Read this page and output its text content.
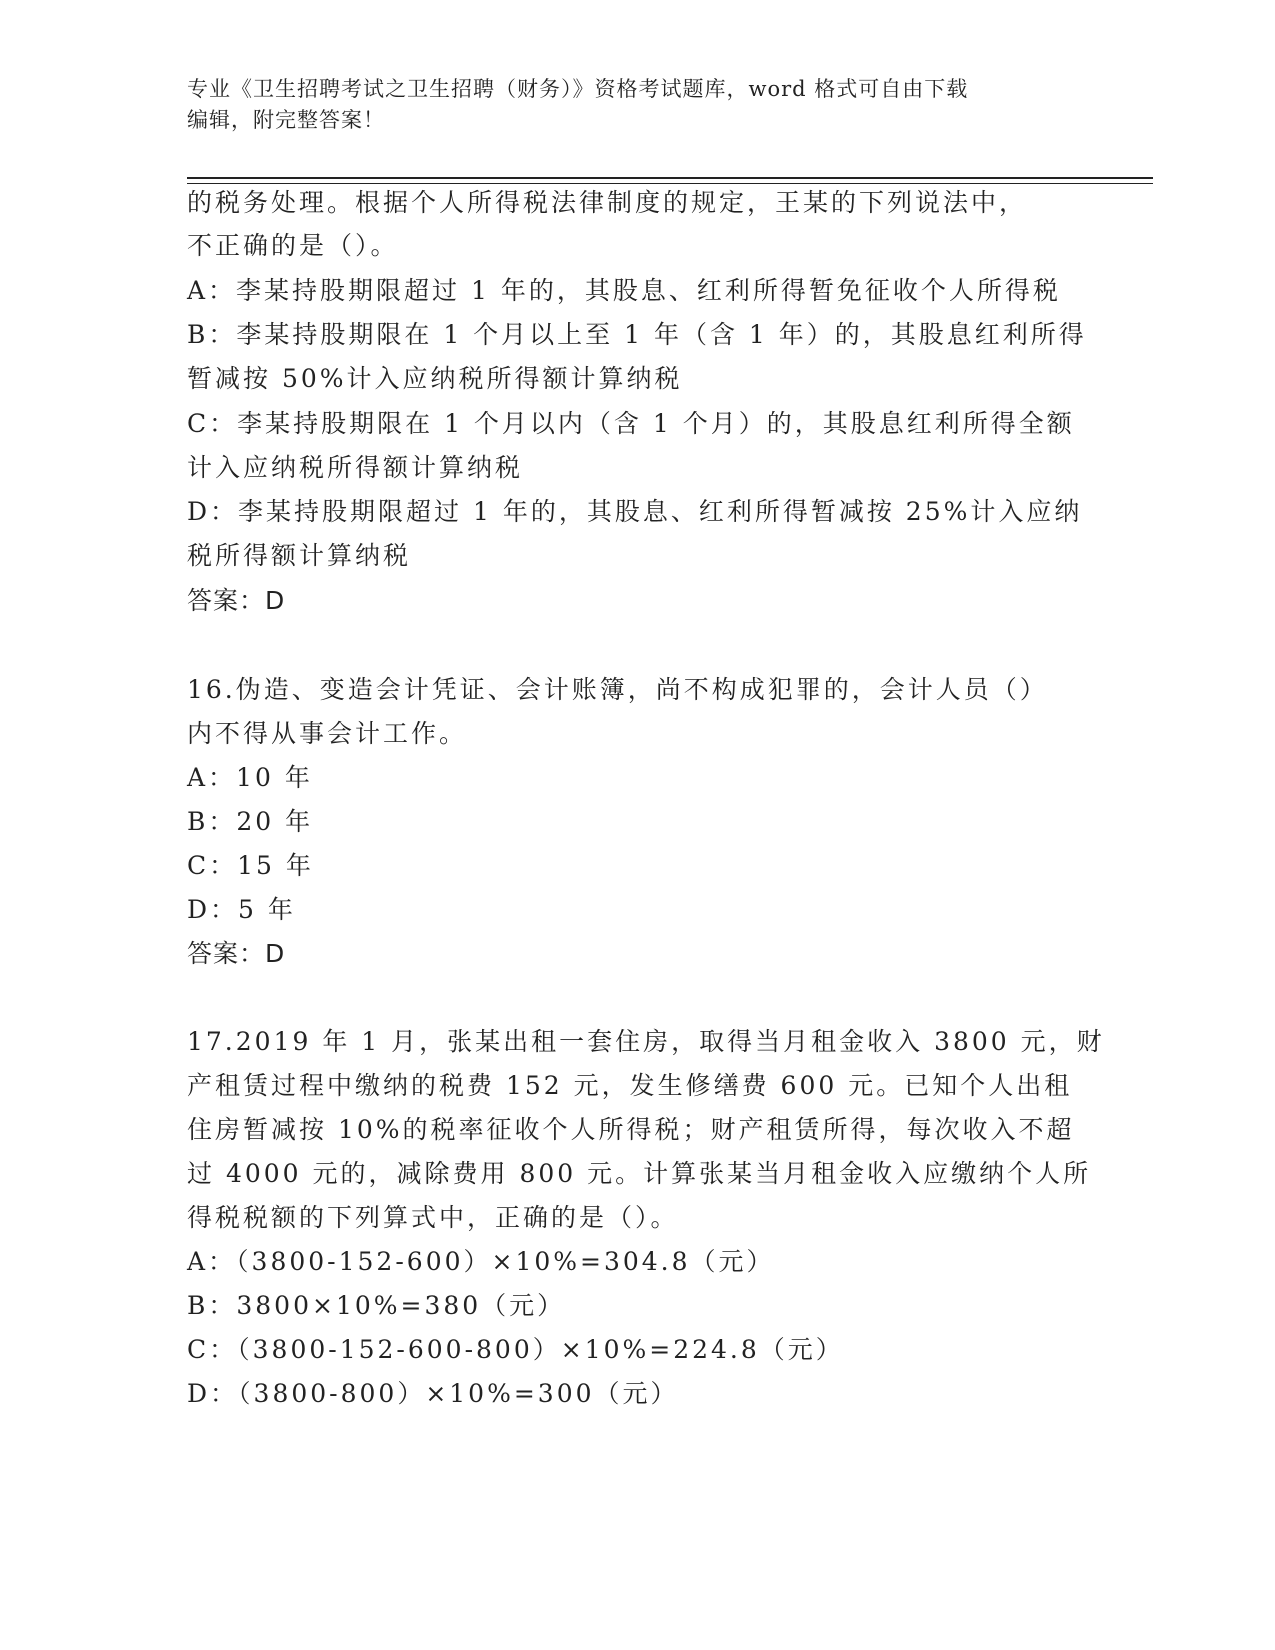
专业《卫生招聘考试之卫生招聘（财务）》资格考试题库，word 格式可自由下载
编辑，附完整答案！
的税务处理。根据个人所得税法律制度的规定，王某的下列说法中，
不正确的是（）。
A：李某持股期限超过 1 年的，其股息、红利所得暂免征收个人所得税
B：李某持股期限在 1 个月以上至 1 年（含 1 年）的，其股息红利所得
暂减按 50%计入应纳税所得额计算纳税
C：李某持股期限在 1 个月以内（含 1 个月）的，其股息红利所得全额
计入应纳税所得额计算纳税
D：李某持股期限超过 1 年的，其股息、红利所得暂减按 25%计入应纳
税所得额计算纳税
答案：D
16.伪造、变造会计凭证、会计账簿，尚不构成犯罪的，会计人员（）
内不得从事会计工作。
A：10 年
B：20 年
C：15 年
D：5 年
答案：D
17.2019 年 1 月，张某出租一套住房，取得当月租金收入 3800 元，财
产租赁过程中缴纳的税费 152 元，发生修缮费 600 元。已知个人出租
住房暂减按 10%的税率征收个人所得税；财产租赁所得，每次收入不超
过 4000 元的，减除费用 800 元。计算张某当月租金收入应缴纳个人所
得税税额的下列算式中，正确的是（）。
A：（3800-152-600）×10%=304.8（元）
B：3800×10%=380（元）
C：（3800-152-600-800）×10%=224.8（元）
D：（3800-800）×10%=300（元）
